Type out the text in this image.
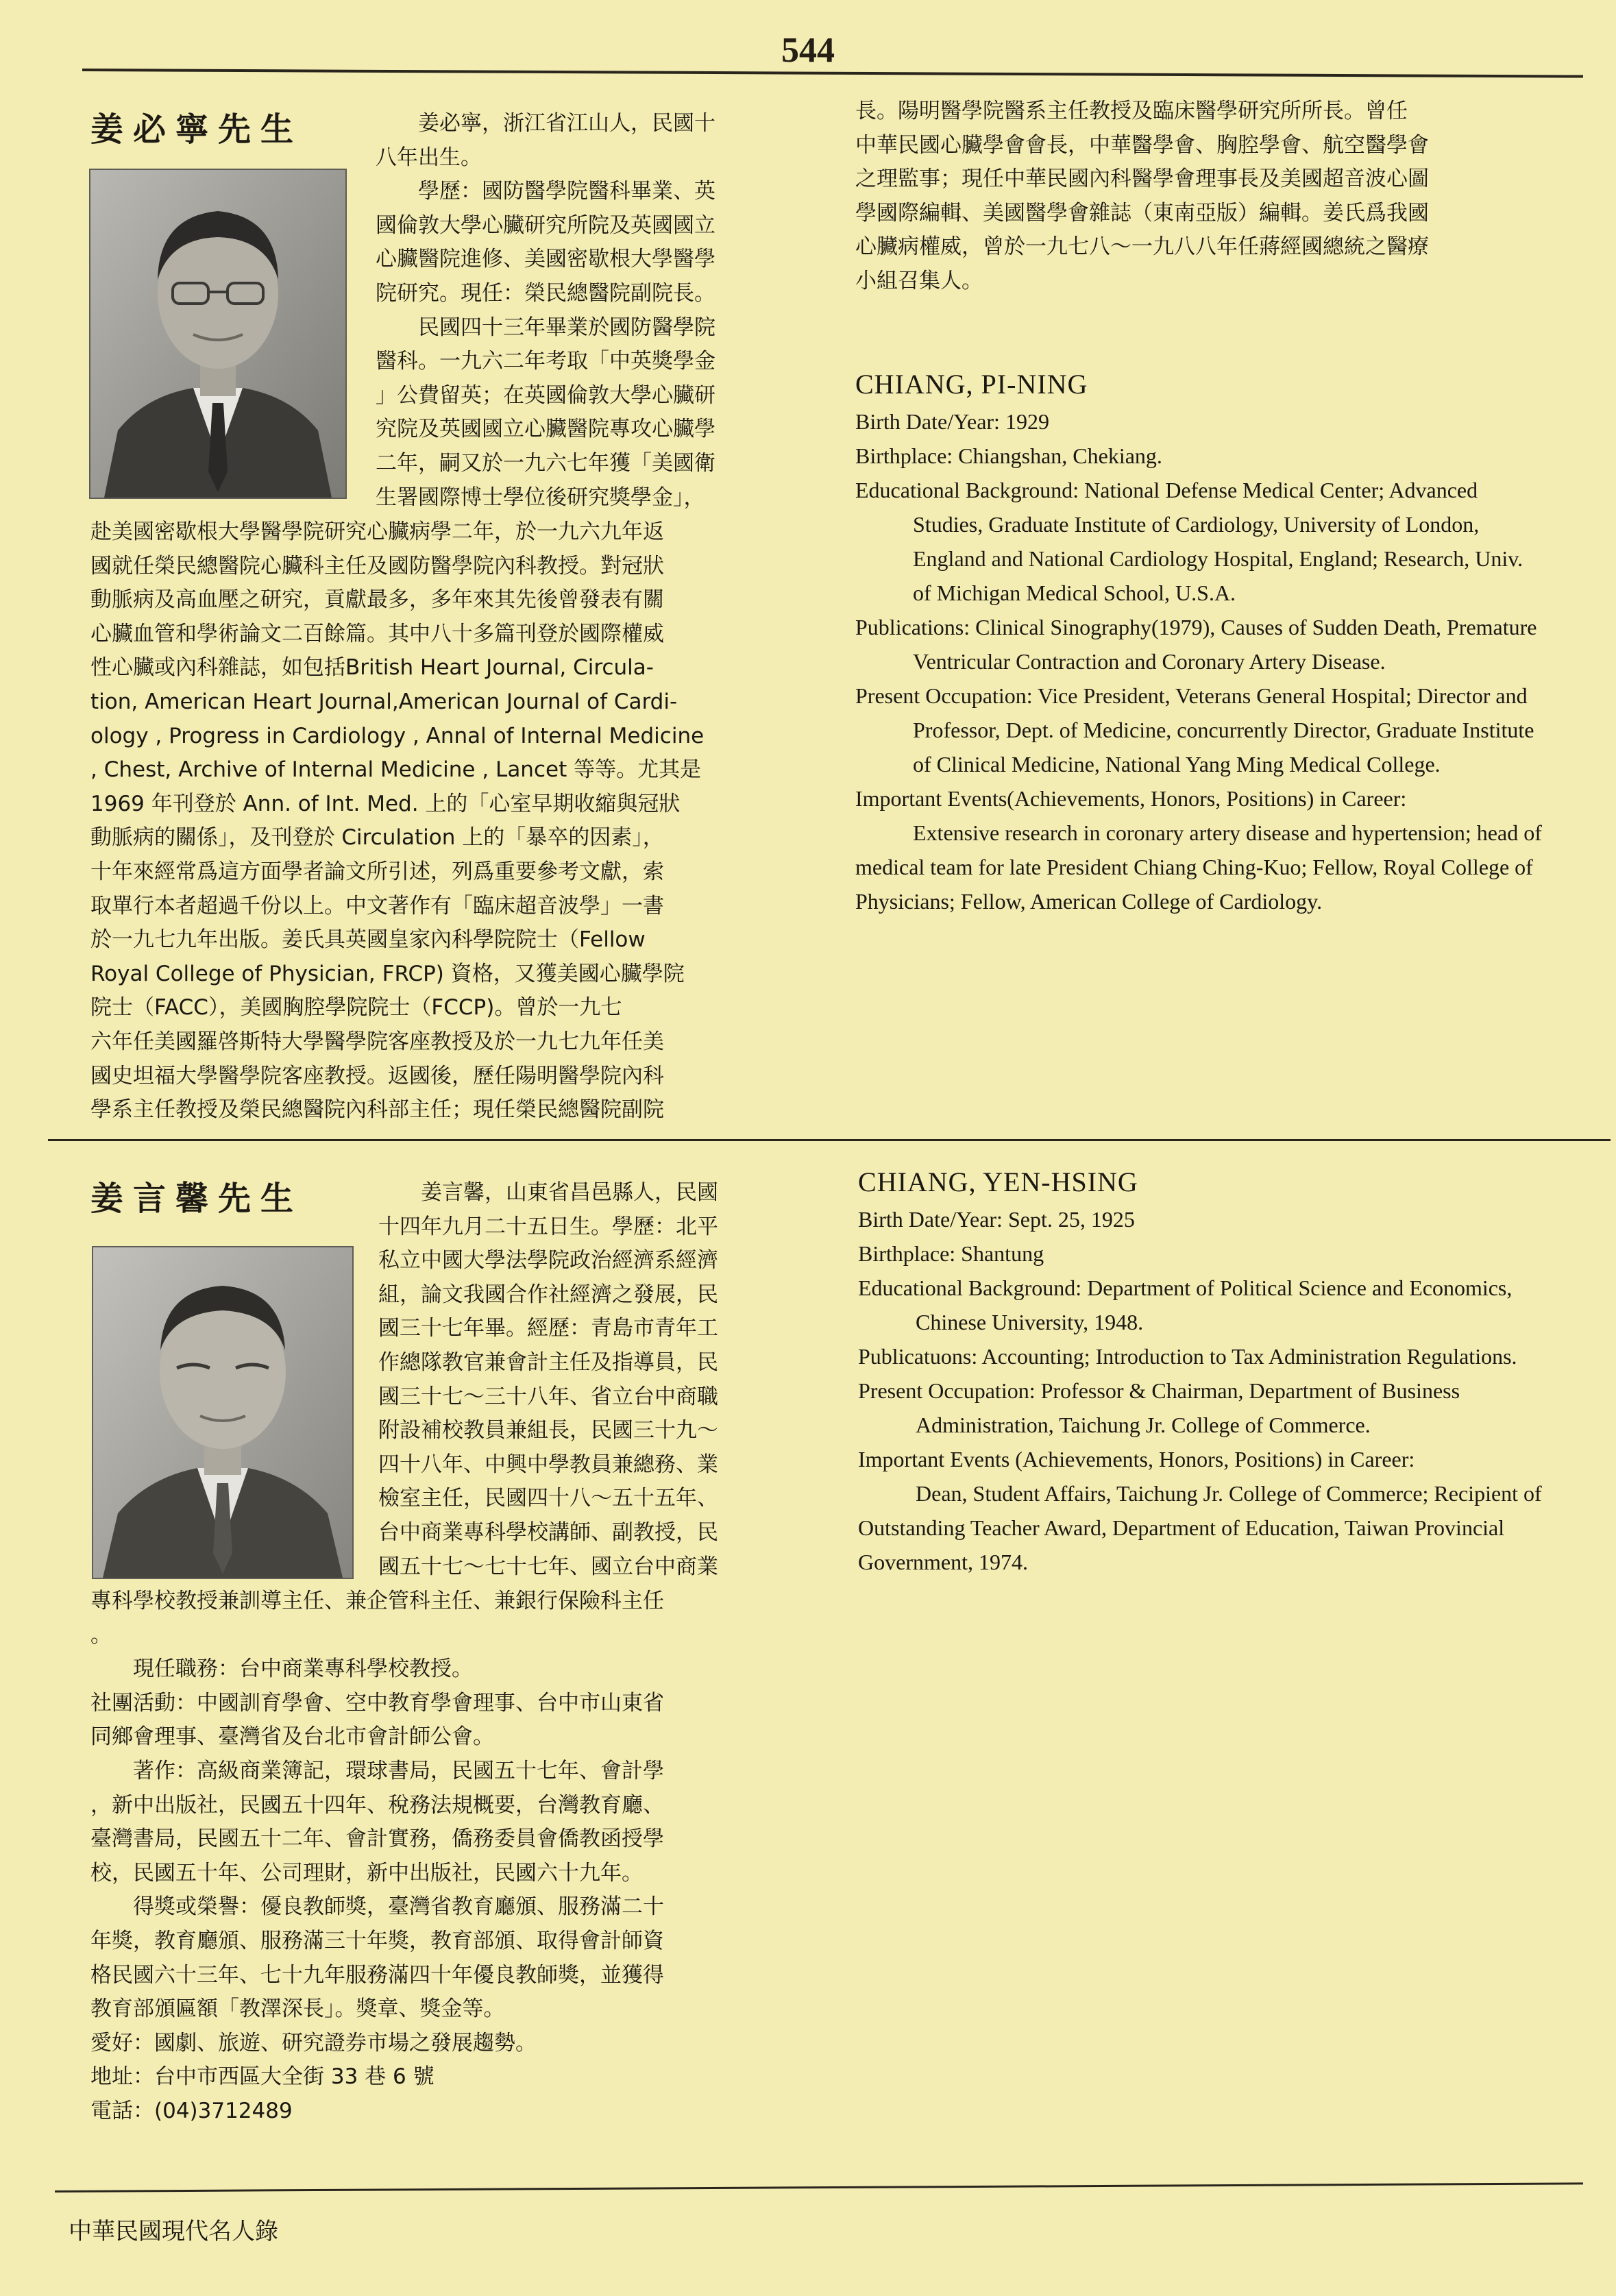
544
姜必寧先生	姜必寧，浙江省江山人，民國十

八年出生。

學歷：國防醫學院醫科畢業、英

國倫敦大學心臟研究所院及英國國立

心臟醫院進修、美國密歇根大學醫學

院研究。現任：榮民總醫院副院長。

民國四十三年畢業於國防醫學院

醫科。一九六二年考取「中英獎學金

」公費留英；在英國倫敦大學心臟研

究院及英國國立心臟醫院專攻心臟學

二年，嗣又於一九六七年獲「美國衛

生署國際博士學位後研究獎學金」，

赴美國密歇根大學醫學院研究心臟病學二年，於一九六九年返

國就任榮民總醫院心臟科主任及國防醫學院內科教授。對冠狀

動脈病及高血壓之研究，貢獻最多，多年來其先後曾發表有關

心臟血管和學術論文二百餘篇。其中八十多篇刊登於國際權威

性心臟或內科雜誌，如包括British Heart Journal, Circula-

tion, American Heart Journal,American Journal of Cardi-

ology , Progress in Cardiology , Annal of Internal Medicine

, Chest, Archive of Internal Medicine , Lancet 等等。尤其是

1969 年刊登於 Ann. of Int. Med. 上的「心室早期收縮與冠狀

動脈病的關係」，及刊登於 Circulation 上的「暴卒的因素」，

十年來經常爲這方面學者論文所引述，列爲重要參考文獻，索

取單行本者超過千份以上。中文著作有「臨床超音波學」一書

於一九七九年出版。姜氏具英國皇家內科學院院士（Fellow

Royal College of Physician, FRCP) 資格，又獲美國心臟學院

院士（FACC），美國胸腔學院院士（FCCP)。曾於一九七

六年任美國羅啓斯特大學醫學院客座教授及於一九七九年任美

國史坦福大學醫學院客座教授。返國後，歷任陽明醫學院內科

學系主任教授及榮民總醫院內科部主任；現任榮民總醫院副院

長。陽明醫學院醫系主任教授及臨床醫學研究所所長。曾任

中華民國心臟學會會長，中華醫學會、胸腔學會、航空醫學會

之理監事；現任中華民國內科醫學會理事長及美國超音波心圖

學國際編輯、美國醫學會雜誌（東南亞版）編輯。姜氏爲我國

心臟病權威，曾於一九七八～一九八八年任蔣經國總統之醫療

小組召集人。

CHIANG, PI-NING

Birth Date/Year: 1929

Birthplace: Chiangshan, Chekiang.

Educational Background: National Defense Medical Center; Advanced Studies, Graduate Institute of Cardiology, University of London, England and National Cardiology Hospital, England; Research, Univ. of Michigan Medical School, U.S.A.

Publications: Clinical Sinography(1979), Causes of Sudden Death, Premature Ventricular Contraction and Coronary Artery Disease.

Present Occupation: Vice President, Veterans General Hospital; Director and Professor, Dept. of Medicine, concurrently Director, Graduate Institute of Clinical Medicine, National Yang Ming Medical College.

Important Events(Achievements, Honors, Positions) in Career:

Extensive research in coronary artery disease and hypertension; head of medical team for late President Chiang Ching-Kuo; Fellow, Royal College of Physicians; Fellow, American College of Cardiology.

姜言馨先生	姜言馨，山東省昌邑縣人，民國

十四年九月二十五日生。學歷：北平

私立中國大學法學院政治經濟系經濟

組，論文我國合作社經濟之發展，民

國三十七年畢。經歷：青島市青年工

作總隊教官兼會計主任及指導員，民

國三十七～三十八年、省立台中商職

附設補校教員兼組長，民國三十九～

四十八年、中興中學教員兼總務、業

檢室主任，民國四十八～五十五年、

台中商業專科學校講師、副教授，民

國五十七～七十七年、國立台中商業

專科學校教授兼訓導主任、兼企管科主任、兼銀行保險科主任

。

現任職務：台中商業專科學校教授。

社團活動：中國訓育學會、空中教育學會理事、台中市山東省

同鄉會理事、臺灣省及台北市會計師公會。

著作：高級商業簿記，環球書局，民國五十七年、會計學

，新中出版社，民國五十四年、稅務法規概要，台灣教育廳、

臺灣書局，民國五十二年、會計實務，僑務委員會僑教函授學

校，民國五十年、公司理財，新中出版社，民國六十九年。

得獎或榮譽：優良教師獎，臺灣省教育廳頒、服務滿二十

年獎，教育廳頒、服務滿三十年獎，教育部頒、取得會計師資

格民國六十三年、七十九年服務滿四十年優良教師獎，並獲得

教育部頒匾額「教澤深長」。獎章、獎金等。

愛好：國劇、旅遊、研究證券市場之發展趨勢。

地址：台中市西區大全街 33 巷 6 號

電話：(04)3712489

CHIANG, YEN-HSING

Birth Date/Year: Sept. 25, 1925

Birthplace: Shantung

Educational Background: Department of Political Science and Economics, Chinese University, 1948.

Publicatuons: Accounting; Introduction to Tax Administration Regulations.

Present Occupation: Professor & Chairman, Department of Business Administration, Taichung Jr. College of Commerce.

Important Events (Achievements, Honors, Positions) in Career:

Dean, Student Affairs, Taichung Jr. College of Commerce; Recipient of Outstanding Teacher Award, Department of Education, Taiwan Provincial Government, 1974.

中華民國現代名人錄
